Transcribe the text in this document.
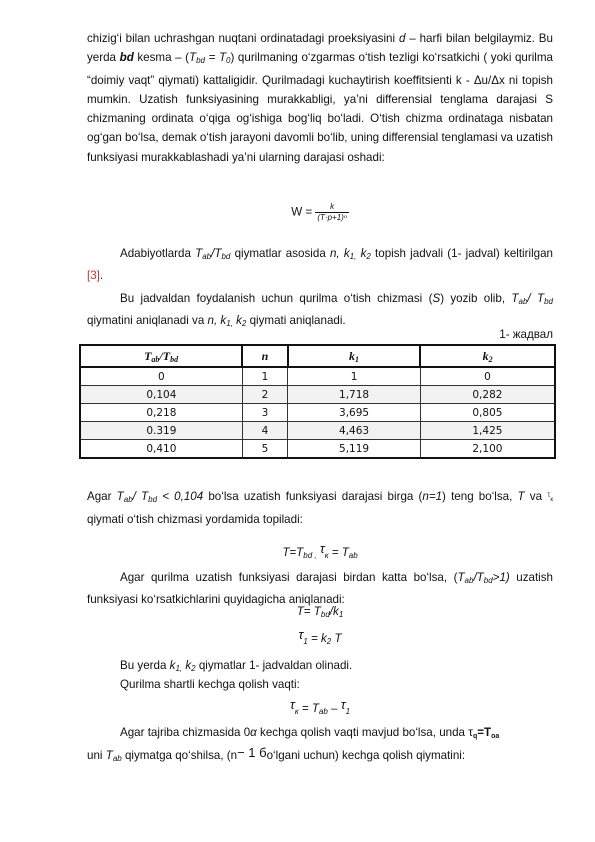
chizig‘i bilan uchrashgan nuqtani ordinatadagi proeksiyasini d – harfi bilan belgilaymiz. Bu yerda bd kesma – $(T_{bd} = T_0)$ qurilmaning o‘zgarmas o‘tish tezligi ko‘rsatkichi ( yoki qurilma “doimiy vaqt” qiymati) kattaligidir. Qurilmadagi kuchaytirish koeffitsienti k - Δu/Δx ni topish mumkin. Uzatish funksiyasining murakkabligi, ya’ni differensial tenglama darajasi S chizmaning ordinata o‘qiga og‘ishiga bog‘liq bo‘ladi. O‘tish chizma ordinataga nisbatan og‘gan bo‘lsa, demak o‘tish jarayoni davomli bo‘lib, uning differensial tenglamasi va uzatish funksiyasi murakkablashadi ya’ni ularning darajasi oshadi:
$W = \frac{k}{\text{(T·p+1)ⁿ}}$
Adabiyotlarda $T_{ab}/T_{bd}$ qiymatlar asosida n, $k_{1,}$ $k_2$ topish jadvali (1- jadval) keltirilgan [3].
Bu jadvaldan foydalanish uchun qurilma o‘tish chizmasi (S) yozib olib, $T_{ab}/$ $T_{bd}$ qiymatini aniqlanadi va n, $k_{1,}$ $k_2$ qiymati aniqlanadi.
1- жадвал
Tab/Tbd	n	k1	k2
0	1	1	0
0,104	2	1,718	0,282
0,218	3	3,695	0,805
0.319	4	4,463	1,425
0,410	5	5,119	2,100
Agar $T_{ab}/$ $T_{bd} < 0,104$ bo‘lsa uzatish funksiyasi darajasi birga (n=1) teng bo‘lsa, T va $^\tau$к qiymati o‘tish chizmasi yordamida topiladi:
$T=T_{bd ,}$ $\tau_к = T_{ab}$
Agar qurilma uzatish funksiyasi darajasi birdan katta bo‘lsa, $(T_{ab}/T_{bd}>1)$ uzatish funksiyasi ko‘rsatkichlarini quyidagicha aniqlanadi:
$T= T_{bd}/k_1$
$\tau_1 = k_2$ T
Bu yerda $k_{1,}$ $k_2$ qiymatlar 1- jadvaldan olinadi.
Qurilma shartli kechga qolish vaqti:
$\tau_к = T_{ab} - \tau_1$
Agar tajriba chizmasida 0α kechga qolish vaqti mavjud bo‘lsa, unda τq=Tоа
uni $T_{ab}$ qiymatga qo‘shilsa, (n− 1 бo‘lgani uchun) kechga qolish qiymatini:
